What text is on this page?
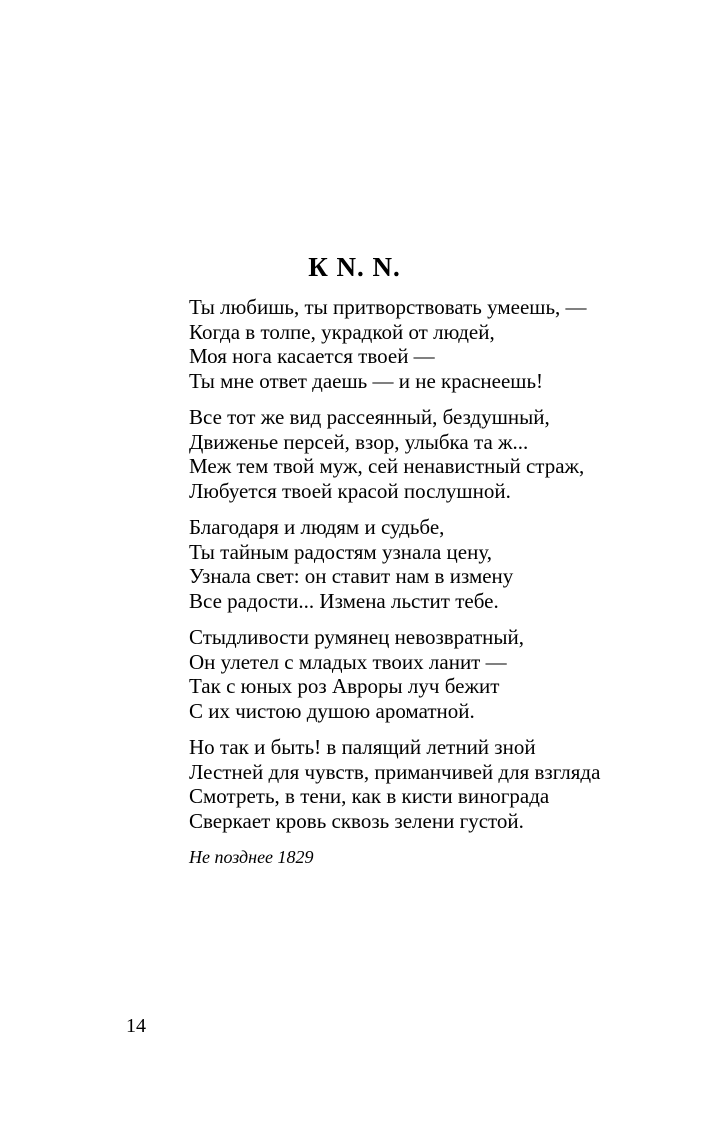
К N. N.
Ты любишь, ты притворствовать умеешь, —
Когда в толпе, украдкой от людей,
Моя нога касается твоей —
Ты мне ответ даешь — и не краснеешь!
Все тот же вид рассеянный, бездушный,
Движенье персей, взор, улыбка та ж...
Меж тем твой муж, сей ненавистный страж,
Любуется твоей красой послушной.
Благодаря и людям и судьбе,
Ты тайным радостям узнала цену,
Узнала свет: он ставит нам в измену
Все радости... Измена льстит тебе.
Стыдливости румянец невозвратный,
Он улетел с младых твоих ланит —
Так с юных роз Авроры луч бежит
С их чистою душою ароматной.
Но так и быть! в палящий летний зной
Лестней для чувств, приманчивей для взгляда
Смотреть, в тени, как в кисти винограда
Сверкает кровь сквозь зелени густой.

Не позднее 1829

14
